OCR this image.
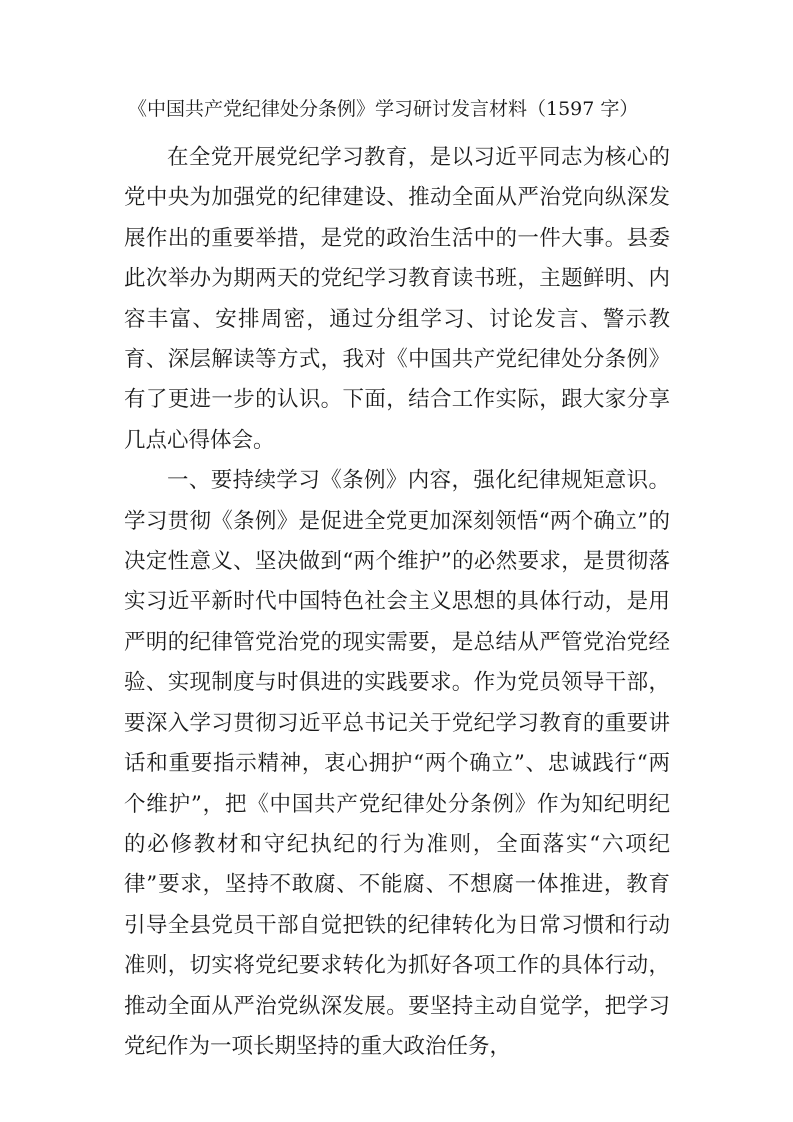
《中国共产党纪律处分条例》学习研讨发言材料（1597 字）

在全党开展党纪学习教育，是以习近平同志为核心的党中央为加强党的纪律建设、推动全面从严治党向纵深发展作出的重要举措，是党的政治生活中的一件大事。县委此次举办为期两天的党纪学习教育读书班，主题鲜明、内容丰富、安排周密，通过分组学习、讨论发言、警示教育、深层解读等方式，我对《中国共产党纪律处分条例》有了更进一步的认识。下面，结合工作实际，跟大家分享几点心得体会。

一、要持续学习《条例》内容，强化纪律规矩意识。学习贯彻《条例》是促进全党更加深刻领悟“两个确立”的决定性意义、坚决做到“两个维护”的必然要求，是贯彻落实习近平新时代中国特色社会主义思想的具体行动，是用严明的纪律管党治党的现实需要，是总结从严管党治党经验、实现制度与时俱进的实践要求。作为党员领导干部，要深入学习贯彻习近平总书记关于党纪学习教育的重要讲话和重要指示精神，衷心拥护“两个确立”、忠诚践行“两个维护”，把《中国共产党纪律处分条例》作为知纪明纪的必修教材和守纪执纪的行为准则，全面落实“六项纪律”要求，坚持不敢腐、不能腐、不想腐一体推进，教育引导全县党员干部自觉把铁的纪律转化为日常习惯和行动准则，切实将党纪要求转化为抓好各项工作的具体行动，推动全面从严治党纵深发展。要坚持主动自觉学，把学习党纪作为一项长期坚持的重大政治任务，
